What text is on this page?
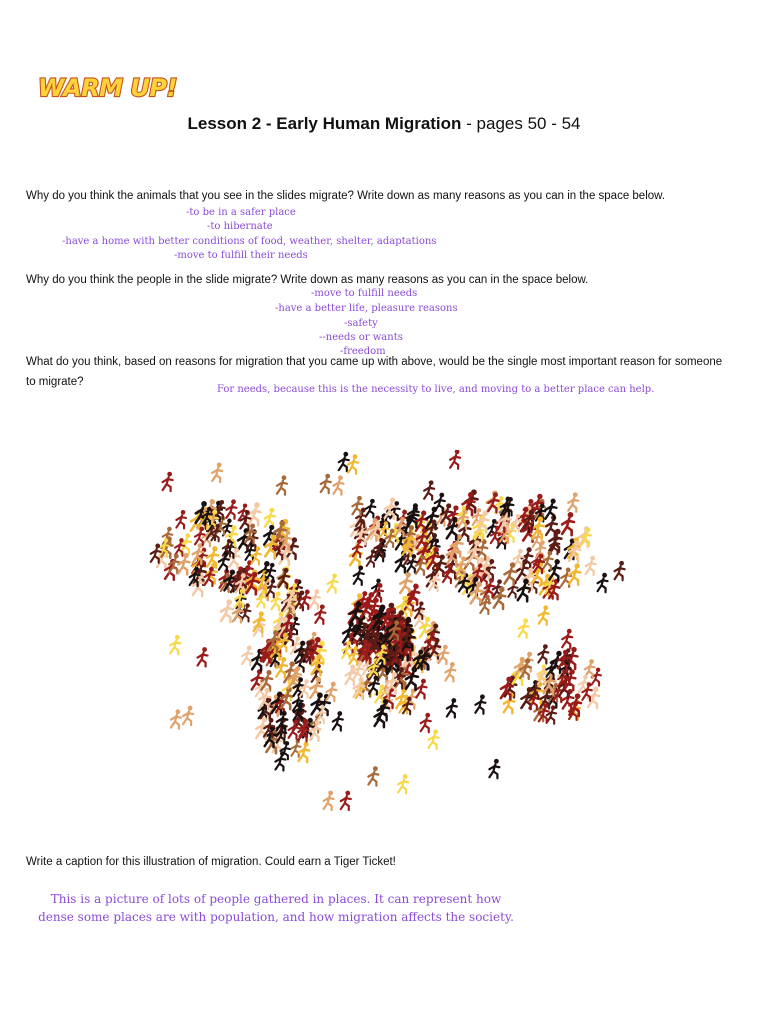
WARM UP!
Lesson 2 - Early Human Migration - pages 50 - 54
Why do you think the animals that you see in the slides migrate? Write down as many reasons as you can in the space below.
-to be in a safer place
-to hibernate
-have a home with better conditions of food, weather, shelter, adaptations
-move to fulfill their needs
Why do you think the people in the slide migrate? Write down as many reasons as you can in the space below.
-move to fulfill needs
-have a better life, pleasure reasons
-safety
--needs or wants
-freedom
What do you think, based on reasons for migration that you came up with above, would be the single most important reason for someone
to migrate?
For needs, because this is the necessity to live, and moving to a better place can help.
Write a caption for this illustration of migration. Could earn a Tiger Ticket!
This is a picture of lots of people gathered in places. It can represent how
dense some places are with population, and how migration affects the society.
